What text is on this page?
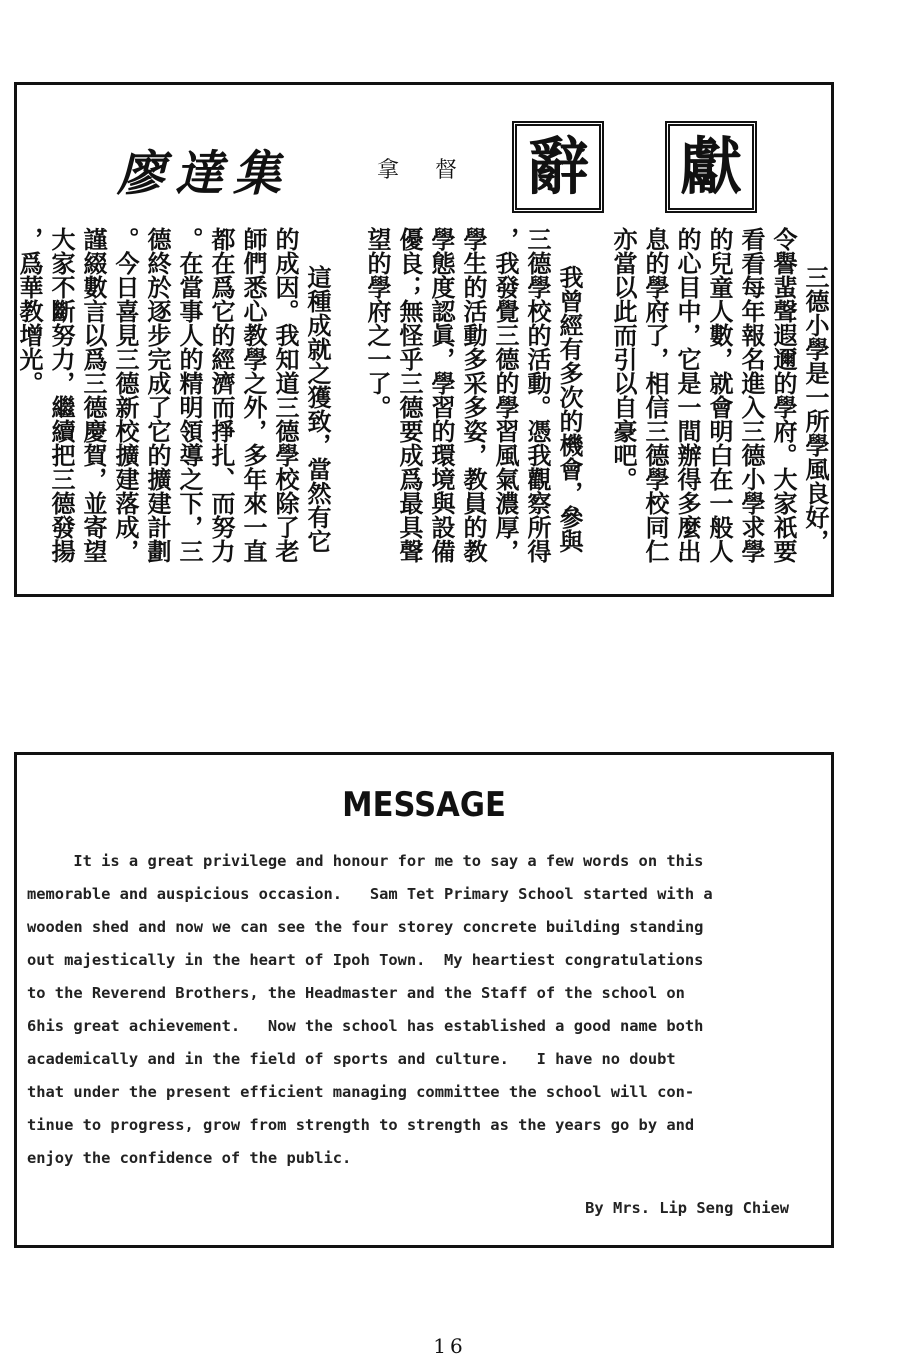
獻
辭
拿督
廖達集
三德小學是一所學風良好，
令譽蜚聲遐邇的學府。大家祇要
看看每年報名進入三德小學求學
的兒童人數，就會明白在一般人
的心目中，它是一間辦得多麼出
息的學府了，相信三德學校同仁
亦當以此而引以自豪吧。
我曾經有多次的機會，參與
三德學校的活動。憑我觀察所得
，我發覺三德的學習風氣濃厚，
學生的活動多采多姿，教員的教
學態度認眞，學習的環境與設備
優良；無怪乎三德要成爲最具聲
望的學府之一了。
這種成就之獲致，當然有它
的成因。我知道三德學校除了老
師們悉心教學之外，多年來一直
都在爲它的經濟而掙扎、而努力
。在當事人的精明領導之下，三
德終於逐步完成了它的擴建計劃
。今日喜見三德新校擴建落成，
謹綴數言以爲三德慶賀，並寄望
大家不斷努力，繼續把三德發揚
，爲華教增光。
MESSAGE
It is a great privilege and honour for me to say a few words on this
memorable and auspicious occasion.   Sam Tet Primary School started with a
wooden shed and now we can see the four storey concrete building standing
out majestically in the heart of Ipoh Town.  My heartiest congratulations
to the Reverend Brothers, the Headmaster and the Staff of the school on
6his great achievement.   Now the school has established a good name both
academically and in the field of sports and culture.   I have no doubt
that under the present efficient managing committee the school will con-
tinue to progress, grow from strength to strength as the years go by and
enjoy the confidence of the public.
By Mrs. Lip Seng Chiew
16
